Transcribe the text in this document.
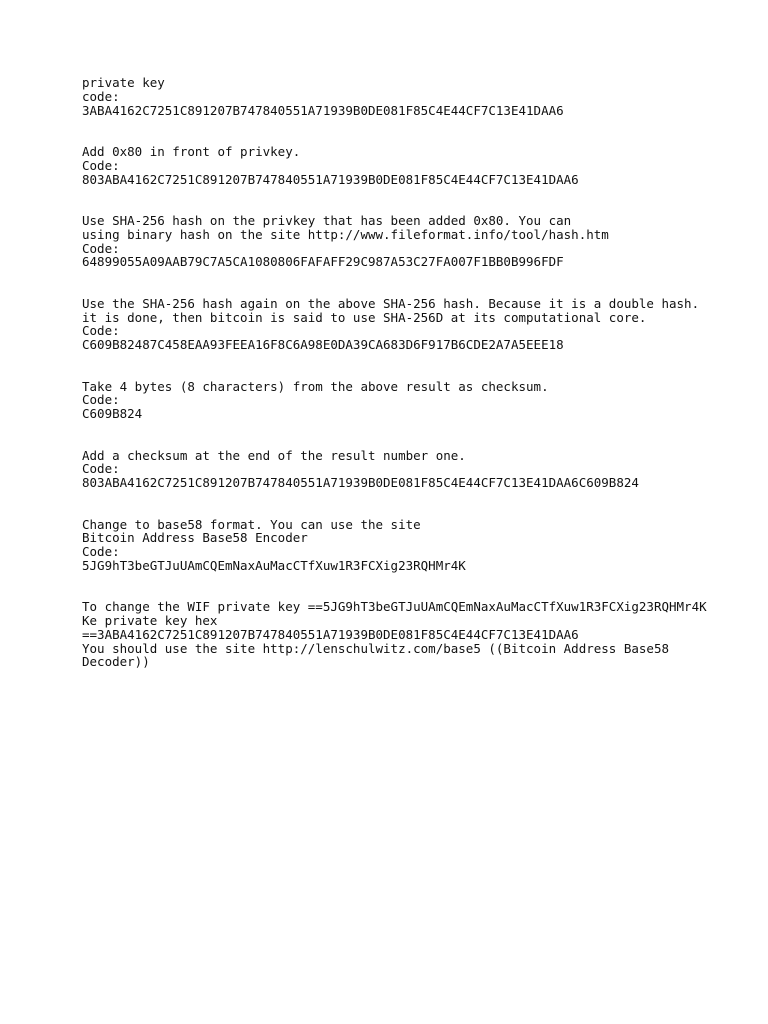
private key
code:
3ABA4162C7251C891207B747840551A71939B0DE081F85C4E44CF7C13E41DAA6
Add 0x80 in front of privkey.
Code:
803ABA4162C7251C891207B747840551A71939B0DE081F85C4E44CF7C13E41DAA6
Use SHA-256 hash on the privkey that has been added 0x80. You can
using binary hash on the site http://www.fileformat.info/tool/hash.htm
Code:
64899055A09AAB79C7A5CA1080806FAFAFF29C987A53C27FA007F1BB0B996FDF
Use the SHA-256 hash again on the above SHA-256 hash. Because it is a double hash.
it is done, then bitcoin is said to use SHA-256D at its computational core.
Code:
C609B82487C458EAA93FEEA16F8C6A98E0DA39CA683D6F917B6CDE2A7A5EEE18
Take 4 bytes (8 characters) from the above result as checksum.
Code:
C609B824
Add a checksum at the end of the result number one.
Code:
803ABA4162C7251C891207B747840551A71939B0DE081F85C4E44CF7C13E41DAA6C609B824
Change to base58 format. You can use the site
Bitcoin Address Base58 Encoder
Code:
5JG9hT3beGTJuUAmCQEmNaxAuMacCTfXuw1R3FCXig23RQHMr4K
To change the WIF private key ==5JG9hT3beGTJuUAmCQEmNaxAuMacCTfXuw1R3FCXig23RQHMr4K
Ke private key hex
==3ABA4162C7251C891207B747840551A71939B0DE081F85C4E44CF7C13E41DAA6
You should use the site http://lenschulwitz.com/base5 ((Bitcoin Address Base58
Decoder))
